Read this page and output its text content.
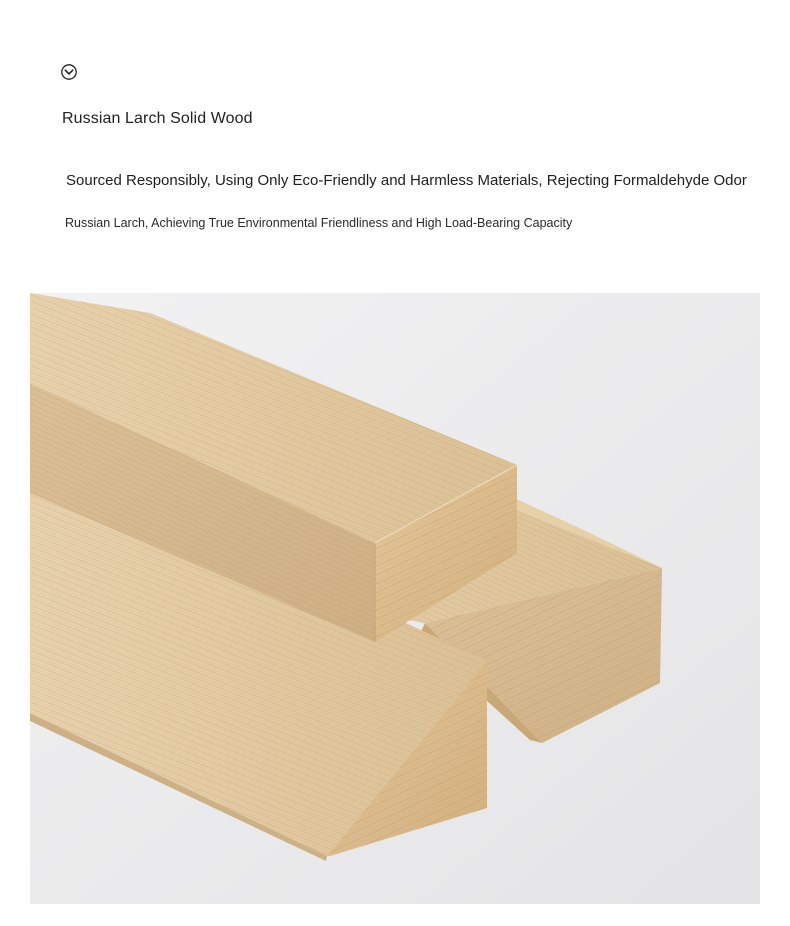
Russian Larch Solid Wood
Sourced Responsibly, Using Only Eco-Friendly and Harmless Materials, Rejecting Formaldehyde Odor
Russian Larch, Achieving True Environmental Friendliness and High Load-Bearing Capacity
